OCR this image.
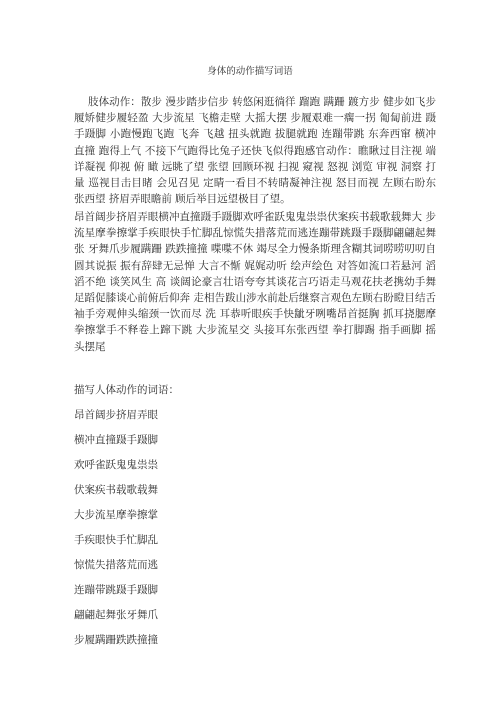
身体的动作描写词语

肢体动作：散步 漫步踏步信步 转悠闲逛徜徉 蹓跑 蹒跚 踱方步 健步如飞步 履矫健步履轻盈 大步流星 飞檐走壁 大摇大摆 步履艰难一瘸一拐 匍匐前进 蹑手蹑脚 小跑慢跑飞跑 飞奔 飞越 扭头就跑 拔腿就跑 连蹦带跳 东奔西窜 横冲直撞 跑得上气 不接下气跑得比兔子还快飞似得跑感官动作：瞧瞅过目注视 端详凝视 仰视 俯 瞰 远眺了望 张望 回顾环视 扫视 窥视 怒视 浏览 审视 洞察 打量 巡视目击目睹 会见召见 定睛一看目不转睛凝神注视 怒目而视 左顾右盼东张西望 挤眉弄眼瞻前 顾后举目远望极目了望。

昂首阔步挤眉弄眼横冲直撞蹑手蹑脚欢呼雀跃鬼鬼祟祟伏案疾书载歌载舞大 步流星摩拳擦掌手疾眼快手忙脚乱惊慌失措落荒而逃连蹦带跳蹑手蹑脚翩翩起舞张 牙舞爪步履蹒跚 跌跌撞撞 喋喋不休 竭尽全力慢条斯理含糊其词唠唠叨叨自圆其说振 振有辞肆无忌惮 大言不惭 娓娓动听 绘声绘色 对答如流口若悬河 滔滔不绝 谈笑风生 高 谈阔论豪言壮语夸夸其谈花言巧语走马观花扶老携幼手舞足蹈促膝谈心前俯后仰奔 走相告跋山涉水前赴后继察言观色左顾右盼瞪目结舌袖手旁观伸头缩颈一饮而尽 洗 耳恭听眼疾手快龇牙咧嘴昂首挺胸 抓耳挠腮摩拳擦掌手不释卷上蹿下跳 大步流星交 头接耳东张西望 拳打脚踢 指手画脚 摇头摆尾

描写人体动作的词语：

昂首阔步挤眉弄眼

横冲直撞蹑手蹑脚

欢呼雀跃鬼鬼祟祟

伏案疾书载歌载舞

大步流星摩拳擦掌

手疾眼快手忙脚乱

惊慌失措落荒而逃

连蹦带跳蹑手蹑脚

翩翩起舞张牙舞爪

步履蹒跚跌跌撞撞
